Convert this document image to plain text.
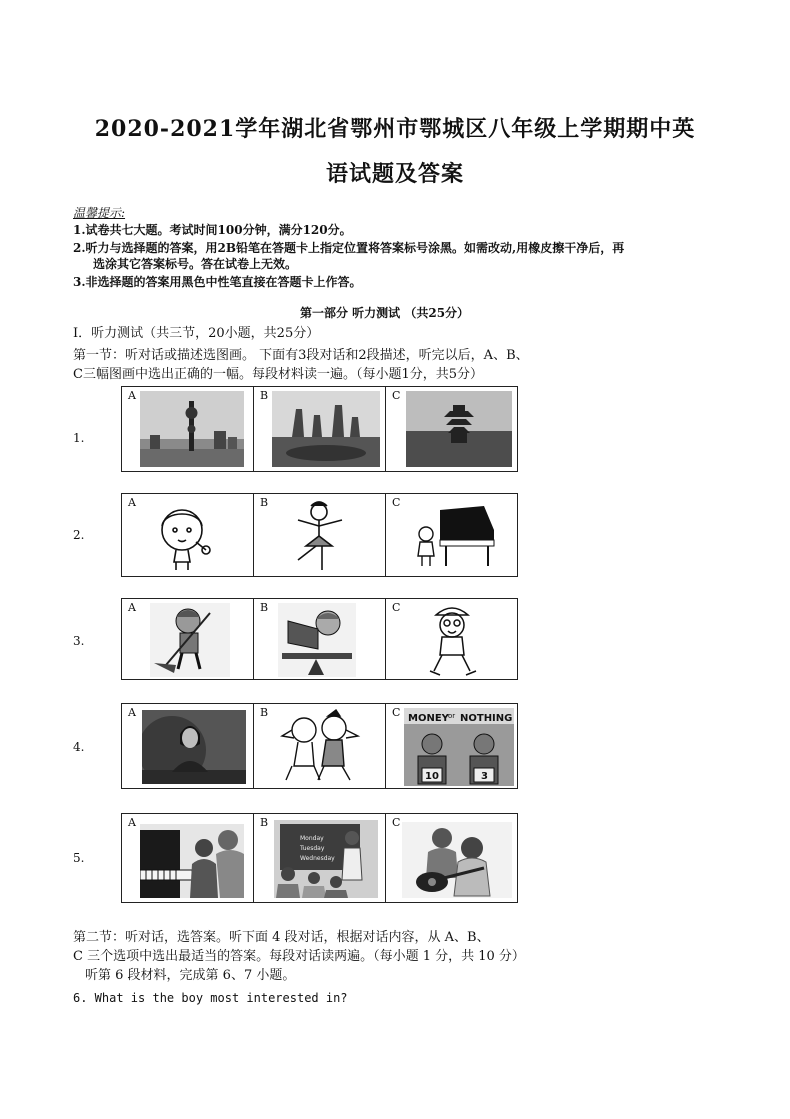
2020-2021学年湖北省鄂州市鄂城区八年级上学期期中英
语试题及答案
温馨提示:
1.试卷共七大题。考试时间100分钟，满分120分。
2.听力与选择题的答案，用2B铅笔在答题卡上指定位置将答案标号涂黑。如需改动,用橡皮擦干净后，再
选涂其它答案标号。答在试卷上无效。
3.非选择题的答案用黑色中性笔直接在答题卡上作答。
第一部分 听力测试 （共25分）
Ⅰ．听力测试（共三节，20小题，共25分）
第一节：听对话或描述选图画。 下面有3段对话和2段描述，听完以后，A、B、
C三幅图画中选出正确的一幅。每段材料读一遍。（每小题1分，共5分）
1.
A	B	C
2.
A	B	C
3.
A	B	C
4.
A	B	C MONEY or NOTHING
10	3
5.
A	B
Monday
Tuesday
Wednesday
C
第二节：听对话，选答案。听下面 4 段对话，根据对话内容，从 A、B、
C 三个选项中选出最适当的答案。每段对话读两遍。（每小题 1 分，共 10 分）
听第 6 段材料，完成第 6、7 小题。
6. What is the boy most interested in?
